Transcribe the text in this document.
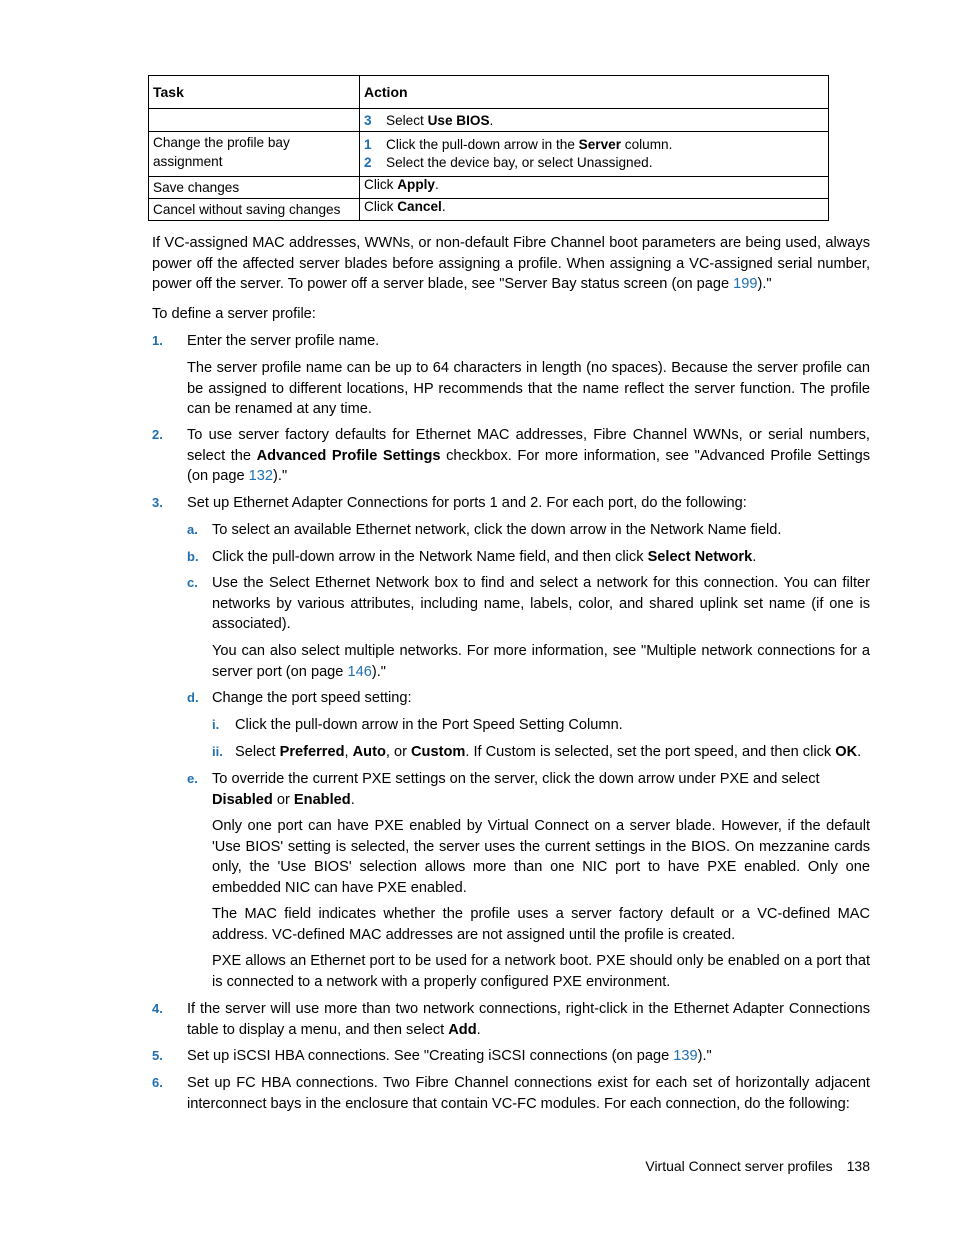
Task	Action
	3 Select Use BIOS.
Change the profile bay assignment	1 Click the pull-down arrow in the Server column.
2 Select the device bay, or select Unassigned.

Save changes	Click Apply.
Cancel without saving changes	Click Cancel.
If VC-assigned MAC addresses, WWNs, or non-default Fibre Channel boot parameters are being used, always power off the affected server blades before assigning a profile. When assigning a VC-assigned serial number, power off the server. To power off a server blade, see "Server Bay status screen (on page 199)."
To define a server profile:
1. Enter the server profile name.
The server profile name can be up to 64 characters in length (no spaces). Because the server profile can be assigned to different locations, HP recommends that the name reflect the server function. The profile can be renamed at any time.
2. To use server factory defaults for Ethernet MAC addresses, Fibre Channel WWNs, or serial numbers, select the Advanced Profile Settings checkbox. For more information, see "Advanced Profile Settings (on page 132)."
3. Set up Ethernet Adapter Connections for ports 1 and 2. For each port, do the following:
a. To select an available Ethernet network, click the down arrow in the Network Name field.
b. Click the pull-down arrow in the Network Name field, and then click Select Network.
c. Use the Select Ethernet Network box to find and select a network for this connection. You can filter networks by various attributes, including name, labels, color, and shared uplink set name (if one is associated).
You can also select multiple networks. For more information, see "Multiple network connections for a server port (on page 146)."
d. Change the port speed setting:
i. Click the pull-down arrow in the Port Speed Setting Column.
ii. Select Preferred, Auto, or Custom. If Custom is selected, set the port speed, and then click OK.
e. To override the current PXE settings on the server, click the down arrow under PXE and select Disabled or Enabled.
Only one port can have PXE enabled by Virtual Connect on a server blade. However, if the default 'Use BIOS' setting is selected, the server uses the current settings in the BIOS. On mezzanine cards only, the 'Use BIOS' selection allows more than one NIC port to have PXE enabled. Only one embedded NIC can have PXE enabled.
The MAC field indicates whether the profile uses a server factory default or a VC-defined MAC address. VC-defined MAC addresses are not assigned until the profile is created.
PXE allows an Ethernet port to be used for a network boot. PXE should only be enabled on a port that is connected to a network with a properly configured PXE environment.
4. If the server will use more than two network connections, right-click in the Ethernet Adapter Connections table to display a menu, and then select Add.
5. Set up iSCSI HBA connections. See "Creating iSCSI connections (on page 139)."
6. Set up FC HBA connections. Two Fibre Channel connections exist for each set of horizontally adjacent interconnect bays in the enclosure that contain VC-FC modules. For each connection, do the following:
Virtual Connect server profiles 138
